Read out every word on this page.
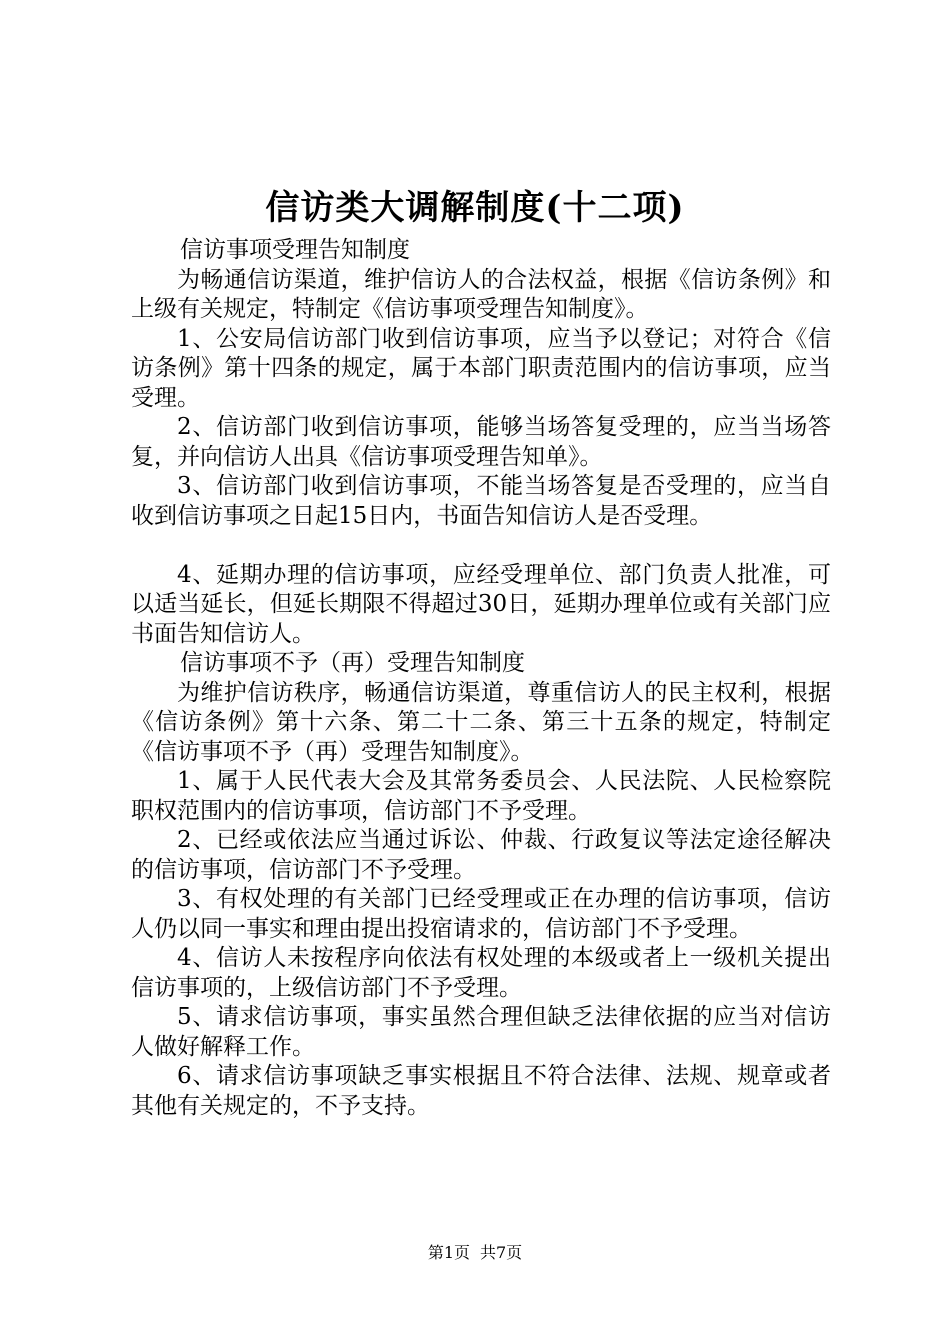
信访类大调解制度(十二项)

信访事项受理告知制度

为畅通信访渠道，维护信访人的合法权益，根据《信访条例》和上级有关规定，特制定《信访事项受理告知制度》。

1、公安局信访部门收到信访事项，应当予以登记；对符合《信访条例》第十四条的规定，属于本部门职责范围内的信访事项，应当受理。

2、信访部门收到信访事项，能够当场答复受理的，应当当场答复，并向信访人出具《信访事项受理告知单》。

3、信访部门收到信访事项，不能当场答复是否受理的，应当自收到信访事项之日起15日内，书面告知信访人是否受理。

4、延期办理的信访事项，应经受理单位、部门负责人批准，可以适当延长，但延长期限不得超过30日，延期办理单位或有关部门应书面告知信访人。

信访事项不予（再）受理告知制度

为维护信访秩序，畅通信访渠道，尊重信访人的民主权利，根据《信访条例》第十六条、第二十二条、第三十五条的规定，特制定《信访事项不予（再）受理告知制度》。

1、属于人民代表大会及其常务委员会、人民法院、人民检察院职权范围内的信访事项，信访部门不予受理。

2、已经或依法应当通过诉讼、仲裁、行政复议等法定途径解决的信访事项，信访部门不予受理。

3、有权处理的有关部门已经受理或正在办理的信访事项，信访人仍以同一事实和理由提出投宿请求的，信访部门不予受理。

4、信访人未按程序向依法有权处理的本级或者上一级机关提出信访事项的，上级信访部门不予受理。

5、请求信访事项，事实虽然合理但缺乏法律依据的应当对信访人做好解释工作。

6、请求信访事项缺乏事实根据且不符合法律、法规、规章或者其他有关规定的，不予支持。

第1页 共7页
